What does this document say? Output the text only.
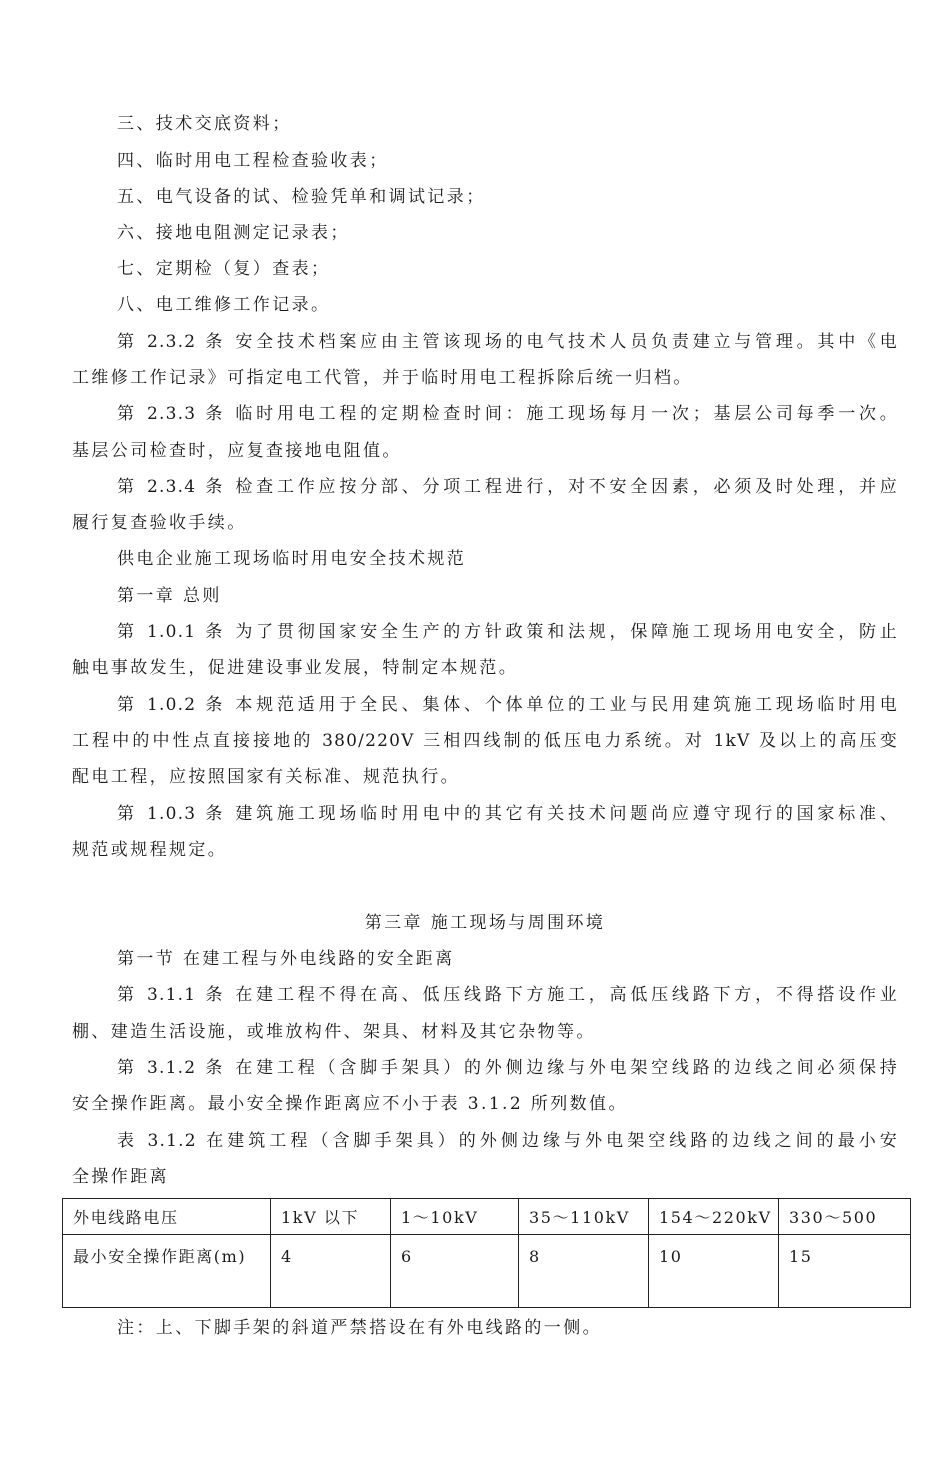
三、技术交底资料；
四、临时用电工程检查验收表；
五、电气设备的试、检验凭单和调试记录；
六、接地电阻测定记录表；
七、定期检（复）查表；
八、电工维修工作记录。
第 2.3.2 条 安全技术档案应由主管该现场的电气技术人员负责建立与管理。其中《电
工维修工作记录》可指定电工代管，并于临时用电工程拆除后统一归档。
第 2.3.3 条 临时用电工程的定期检查时间：施工现场每月一次；基层公司每季一次。
基层公司检查时，应复查接地电阻值。
第 2.3.4 条 检查工作应按分部、分项工程进行，对不安全因素，必须及时处理，并应
履行复查验收手续。
供电企业施工现场临时用电安全技术规范
第一章 总则
第 1.0.1 条 为了贯彻国家安全生产的方针政策和法规，保障施工现场用电安全，防止
触电事故发生，促进建设事业发展，特制定本规范。
第 1.0.2 条 本规范适用于全民、集体、个体单位的工业与民用建筑施工现场临时用电
工程中的中性点直接接地的 380/220V 三相四线制的低压电力系统。对 1kV 及以上的高压变
配电工程，应按照国家有关标准、规范执行。
第 1.0.3 条 建筑施工现场临时用电中的其它有关技术问题尚应遵守现行的国家标准、
规范或规程规定。
第三章 施工现场与周围环境
第一节 在建工程与外电线路的安全距离
第 3.1.1 条 在建工程不得在高、低压线路下方施工，高低压线路下方，不得搭设作业
棚、建造生活设施，或堆放构件、架具、材料及其它杂物等。
第 3.1.2 条 在建工程（含脚手架具）的外侧边缘与外电架空线路的边线之间必须保持
安全操作距离。最小安全操作距离应不小于表 3.1.2 所列数值。
表 3.1.2 在建筑工程（含脚手架具）的外侧边缘与外电架空线路的边线之间的最小安
全操作距离
外电线路电压	1kV 以下	1～10kV	35～110kV	154～220kV	330～500
最小安全操作距离(m)	4	6	8	10	15
注：上、下脚手架的斜道严禁搭设在有外电线路的一侧。
